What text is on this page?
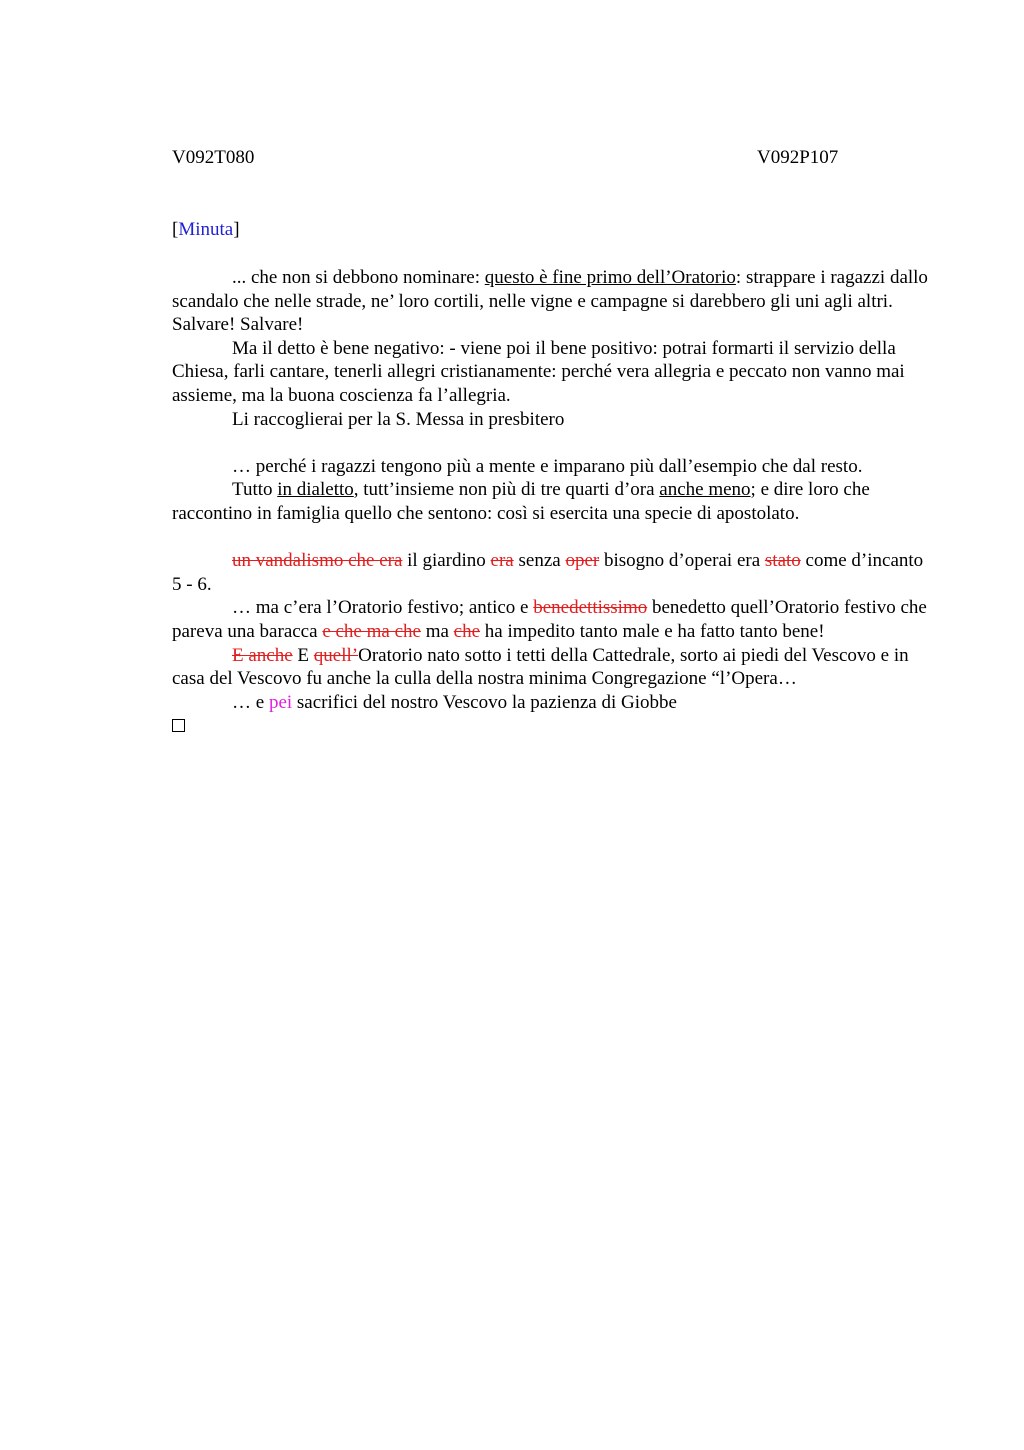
V092T080	V092P107
[Minuta]

... che non si debbono nominare: questo è fine primo dell’Oratorio: strappare i ragazzi dallo scandalo che nelle strade, ne’ loro cortili, nelle vigne e campagne si darebbero gli uni agli altri. Salvare! Salvare!

Ma il detto è bene negativo: - viene poi il bene positivo: potrai formarti il servizio della Chiesa, farli cantare, tenerli allegri cristianamente: perché vera allegria e peccato non vanno mai assieme, ma la buona coscienza fa l’allegria.

Li raccoglierai per la S. Messa in presbitero

… perché i ragazzi tengono più a mente e imparano più dall’esempio che dal resto.

Tutto in dialetto, tutt’insieme non più di tre quarti d’ora anche meno; e dire loro che raccontino in famiglia quello che sentono: così si esercita una specie di apostolato.

un vandalismo che era il giardino era senza oper bisogno d’operai era stato come d’incanto 5 - 6.

… ma c’era l’Oratorio festivo; antico e benedettissimo benedetto quell’Oratorio festivo che pareva una baracca e che ma che ma che ha impedito tanto male e ha fatto tanto bene!

E anche E quell’Oratorio nato sotto i tetti della Cattedrale, sorto ai piedi del Vescovo e in casa del Vescovo fu anche la culla della nostra minima Congregazione “l’Opera…

… e pei sacrifici del nostro Vescovo la pazienza di Giobbe
